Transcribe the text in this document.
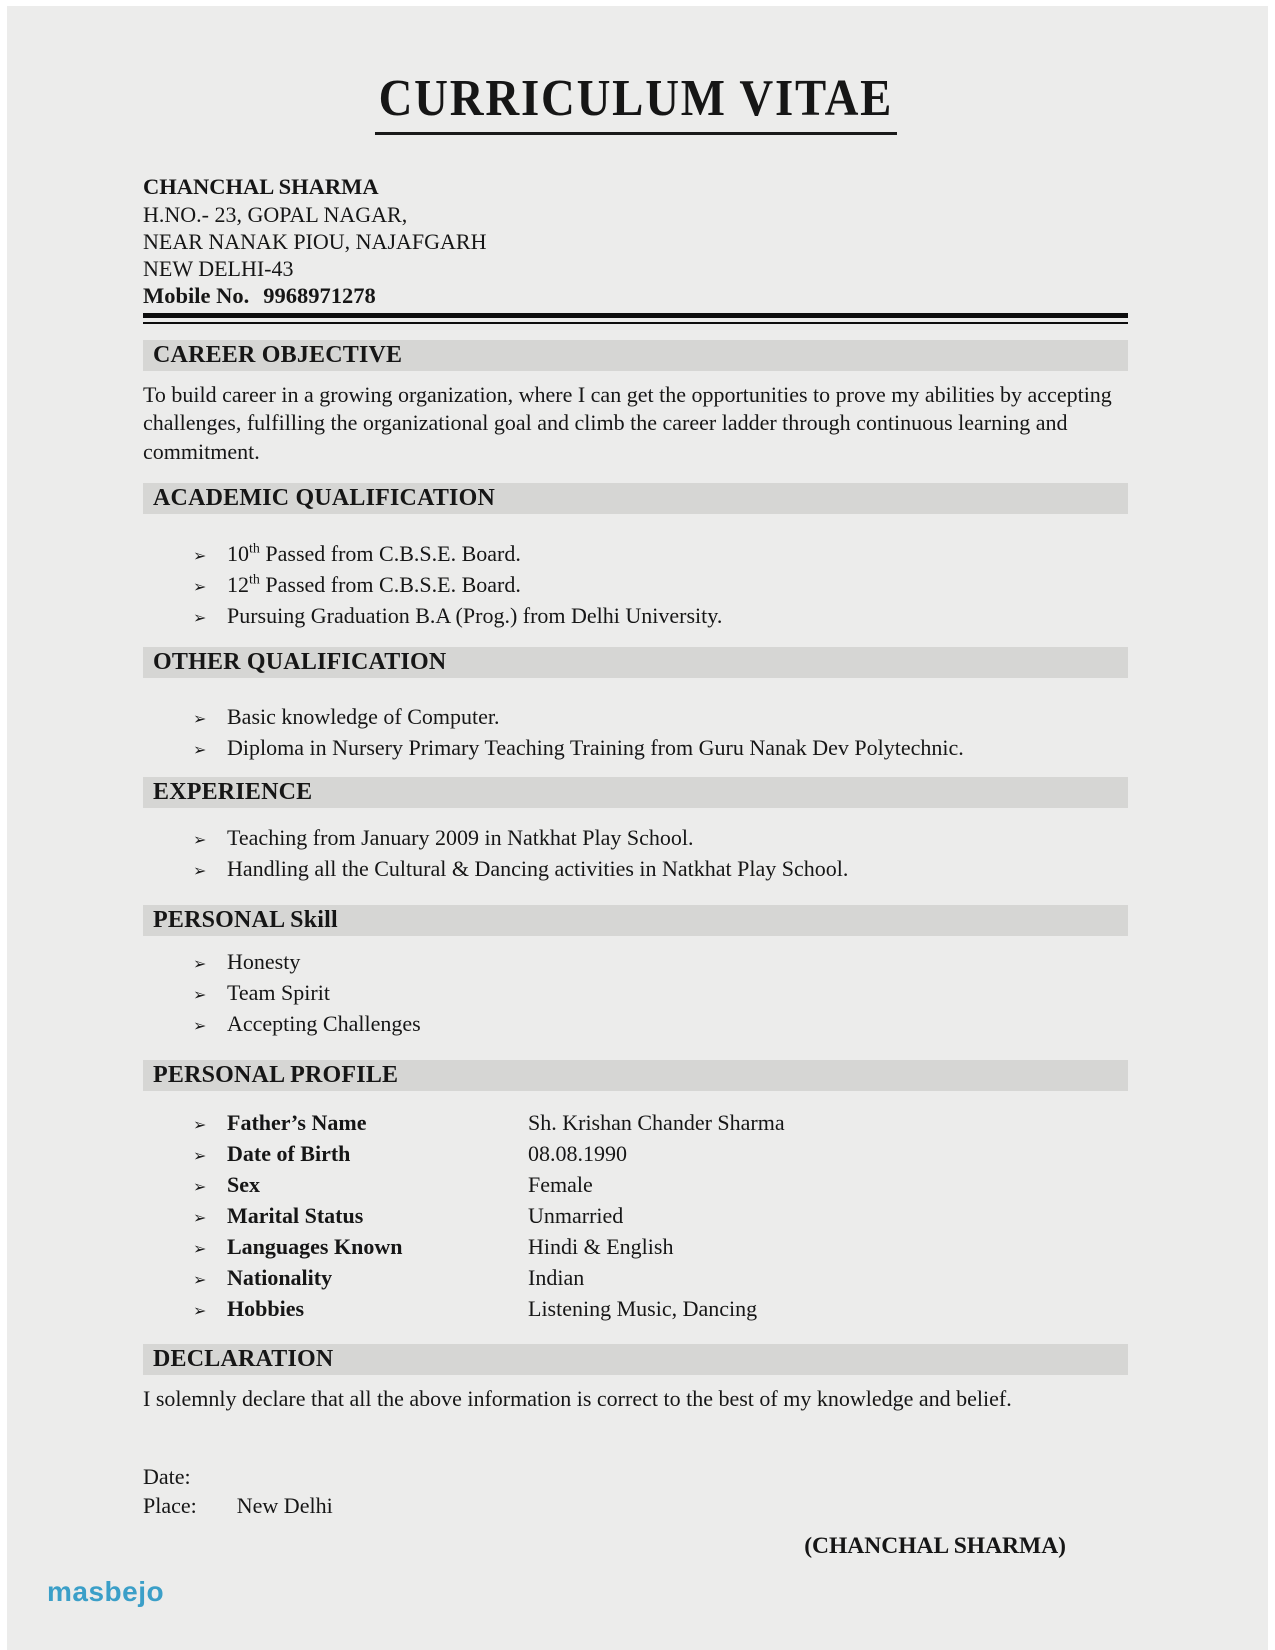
CURRICULUM VITAE
CHANCHAL SHARMA
H.NO.- 23, GOPAL NAGAR,
NEAR NANAK PIOU, NAJAFGARH
NEW DELHI-43
Mobile No. 9968971278
CAREER OBJECTIVE

To build career in a growing organization, where I can get the opportunities to prove my abilities by accepting challenges, fulfilling the organizational goal and climb the career ladder through continuous learning and commitment.

ACADEMIC QUALIFICATION
➢ 10th Passed from C.B.S.E. Board.
➢ 12th Passed from C.B.S.E. Board.
➢ Pursuing Graduation B.A (Prog.) from Delhi University.
OTHER QUALIFICATION
➢ Basic knowledge of Computer.
➢ Diploma in Nursery Primary Teaching Training from Guru Nanak Dev Polytechnic.
EXPERIENCE
➢ Teaching from January 2009 in Natkhat Play School.
➢ Handling all the Cultural & Dancing activities in Natkhat Play School.
PERSONAL Skill
➢ Honesty
➢ Team Spirit
➢ Accepting Challenges
PERSONAL PROFILE
➢ Father’s Name	Sh. Krishan Chander Sharma
➢ Date of Birth	08.08.1990
➢ Sex	Female
➢ Marital Status	Unmarried
➢ Languages Known	Hindi & English
➢ Nationality	Indian
➢ Hobbies	Listening Music, Dancing
DECLARATION

I solemnly declare that all the above information is correct to the best of my knowledge and belief.

Date:
Place: New Delhi
(CHANCHAL SHARMA)
masbejo
